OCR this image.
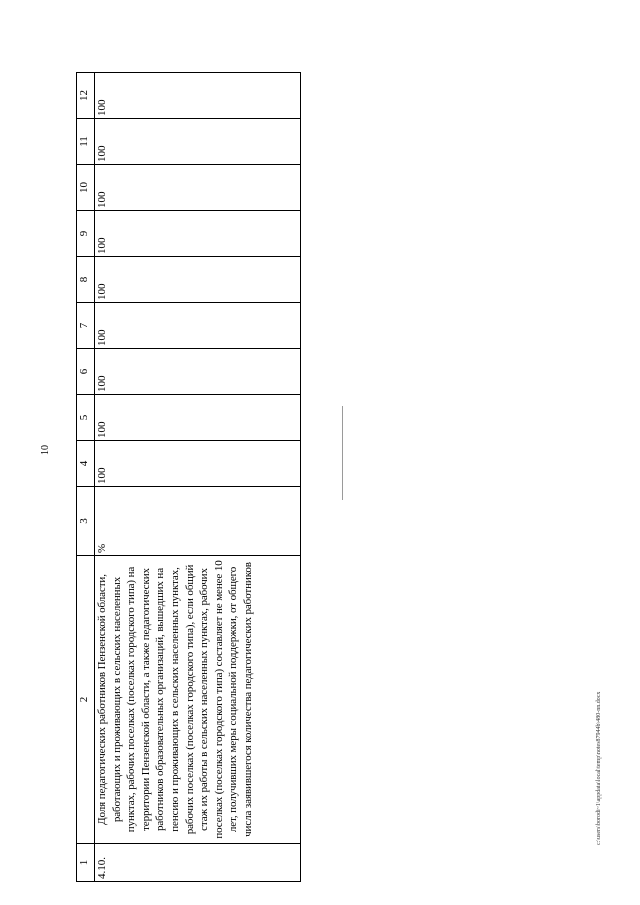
10
1	2	3	4	5	6	7	8	9	10	11	12
4.10.	Доля педагогических работников Пензенской области, работающих и проживающих в сельских населенных пунктах, рабочих поселках (поселках городского типа) на территории Пензенской области, а также педагогических работников образовательных организаций, вышедших на пенсию и проживающих в сельских населенных пунктах, рабочих поселках (поселках городского типа), если общий стаж их работы в сельских населенных пунктах, рабочих поселках (поселках городского типа) составляет не менее 10 лет, получивших меры социальной поддержки, от общего числа заявившегося количества педагогических работников	%	100	100	100	100	100	100	100	100	100
c:\users\borodi~1\appdata\local\temp\notes87944b\480-nn.docx
